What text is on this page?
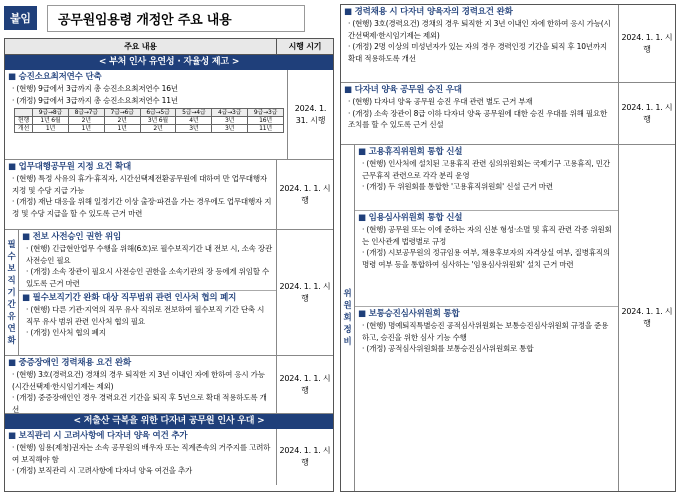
붙임	공무원임용령 개정안 주요 내용
주요 내용	시행 시기
< 부처 인사 유연성 · 자율성 제고 >
■ 승진소요최저연수 단축
· (현행) 9급에서 3급까지 총 승진소요최저연수 16년
· (개정) 9급에서 3급까지 총 승진소요최저연수 11년
	9급→8급	8급→7급	7급→6급	6급→5급	5급→4급	4급→3급	9급→3급
현행	1년 6월	2년	2년	3년 6월	4년	3년	16년
개선	1년	1년	1년	2년	3년	3년	11년
2024. 1. 31. 시행
■ 업무대행공무원 지정 요건 확대
· (현행) 특정 사유의 휴가·휴직자, 시간선택제전환공무원에 대하여 만 업무대행자 지정 및 수당 지급 가능
· (개정) 재난 대응을 위해 일정기간 이상 출장·파견을 가는 경우에도 업무대행자 지정 및 수당 지급을 할 수 있도록 근거 마련
2024. 1. 1. 시행
필수보직기간 유연화
■ 전보 사전승인 권한 위임
· (현행) 긴급현안업무 수행을 위해(6호)로 필수보직기간 내 전보 시, 소속 장관 사전승인 필요
· (개정) 소속 장관이 필요시 사전승인 권한을 소속기관의 장 등에게 위임할 수 있도록 근거 마련
■ 필수보직기간 완화 대상 직무범위 관련 인사처 협의 폐지
· (현행) 다른 기관·지역의 직무 유사 직위로 전보하여 필수보직 기간 단축 시 직무 유사 범위 관련 인사처 협의 필요
· (개정) 인사처 협의 폐지
2024. 1. 1. 시행
■ 중증장애인 경력채용 요건 완화
· (현행) 3호(경력요건) 경채의 경우 퇴직한 지 3년 이내인 자에 한하여 응시 가능(시간선택제·한시임기제는 제외)
· (개정) 중증장애인인 경우 경력요건 기간을 퇴직 후 5년으로 확대 적용하도록 개선
2024. 1. 1. 시행
< 저출산 극복을 위한 다자녀 공무원 인사 우대 >
■ 보직관리 시 고려사항에 다자녀 양육 여건 추가
· (현행) 임용(제청)권자는 소속 공무원의 배우자 또는 직계존속의 거주지를 고려하여 보직해야 함
· (개정) 보직관리 시 고려사항에 다자녀 양육 여건을 추가
2024. 1. 1. 시행
■ 경력채용 시 다자녀 양육자의 경력요건 완화
· (현행) 3호(경력요건) 경채의 경우 퇴직한 지 3년 이내인 자에 한하여 응시 가능(시간선택제·한시임기제는 제외)
· (개정) 2명 이상의 미성년자가 있는 자의 경우 경력인정 기간을 퇴직 후 10년까지 확대 적용하도록 개선
2024. 1. 1. 시행
■ 다자녀 양육 공무원 승진 우대
· (현행) 다자녀 양육 공무원 승진 우대 관련 별도 근거 부재
· (개정) 소속 장관이 8급 이하 다자녀 양육 공무원에 대한 승진 우대를 위해 필요한 조치를 할 수 있도록 근거 신설
2024. 1. 1. 시행
위원회 정비
■ 고용휴직위원회 통합 신설
· (현행) 인사처에 설치된 고용휴직 관련 심의위원회는 국제기구 고용휴직, 민간근무휴직 관련으로 각각 분리 운영
· (개정) 두 위원회를 통합한 '고용휴직위원회' 신설 근거 마련
■ 임용심사위원회 통합 신설
· (현행) 공무원 또는 이에 준하는 자의 신분 형성·소멸 및 휴직 관련 각종 위원회는 인사관계 법령별로 규정
· (개정) 시보공무원의 정규임용 여부, 채용후보자의 자격상실 여부, 질병휴직의 명령 여부 등을 통합하여 심사하는 '임용심사위원회' 설치 근거 마련
■ 보통승진심사위원회 통합
· (현행) 명예퇴직특별승진 공적심사위원회는 보통승진심사위원회 규정을 준용하고, 승진을 위한 심사 기능 수행
· (개정) 공적심사위원회를 보통승진심사위원회로 통합
2024. 1. 1. 시행
